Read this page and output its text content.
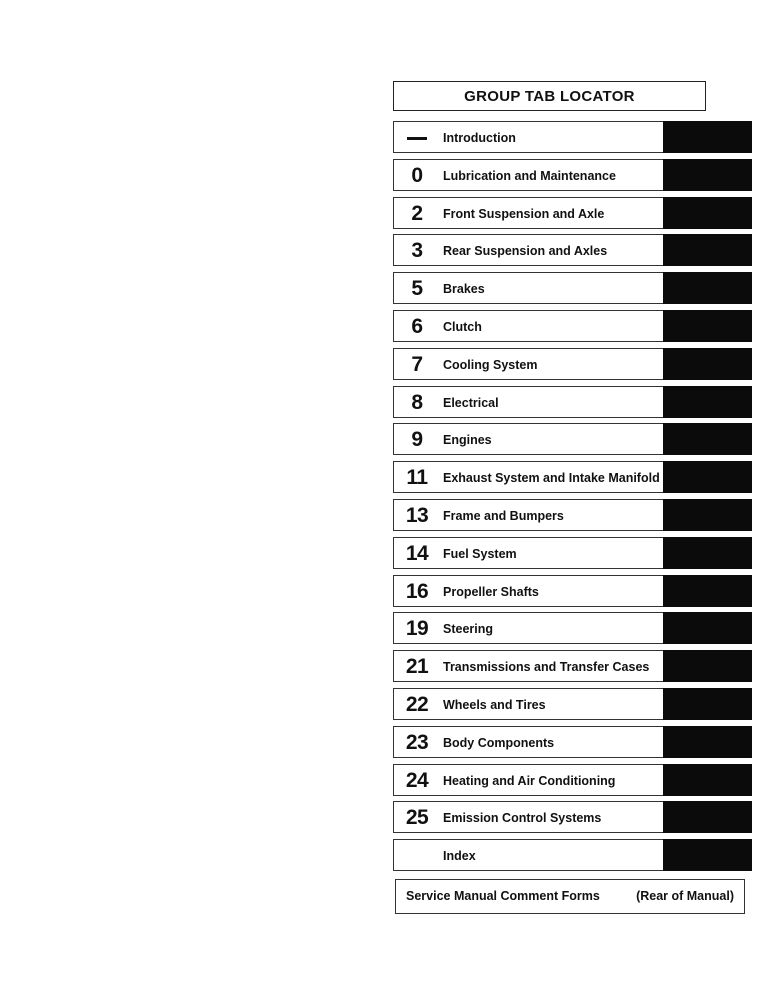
GROUP TAB LOCATOR
Introduction
0	Lubrication and Maintenance
2	Front Suspension and Axle
3	Rear Suspension and Axles
5	Brakes
6	Clutch
7	Cooling System
8	Electrical
9	Engines
11	Exhaust System and Intake Manifold
13	Frame and Bumpers
14	Fuel System
16	Propeller Shafts
19	Steering
21	Transmissions and Transfer Cases
22	Wheels and Tires
23	Body Components
24	Heating and Air Conditioning
25	Emission Control Systems
Index
Service Manual Comment Forms	(Rear of Manual)
